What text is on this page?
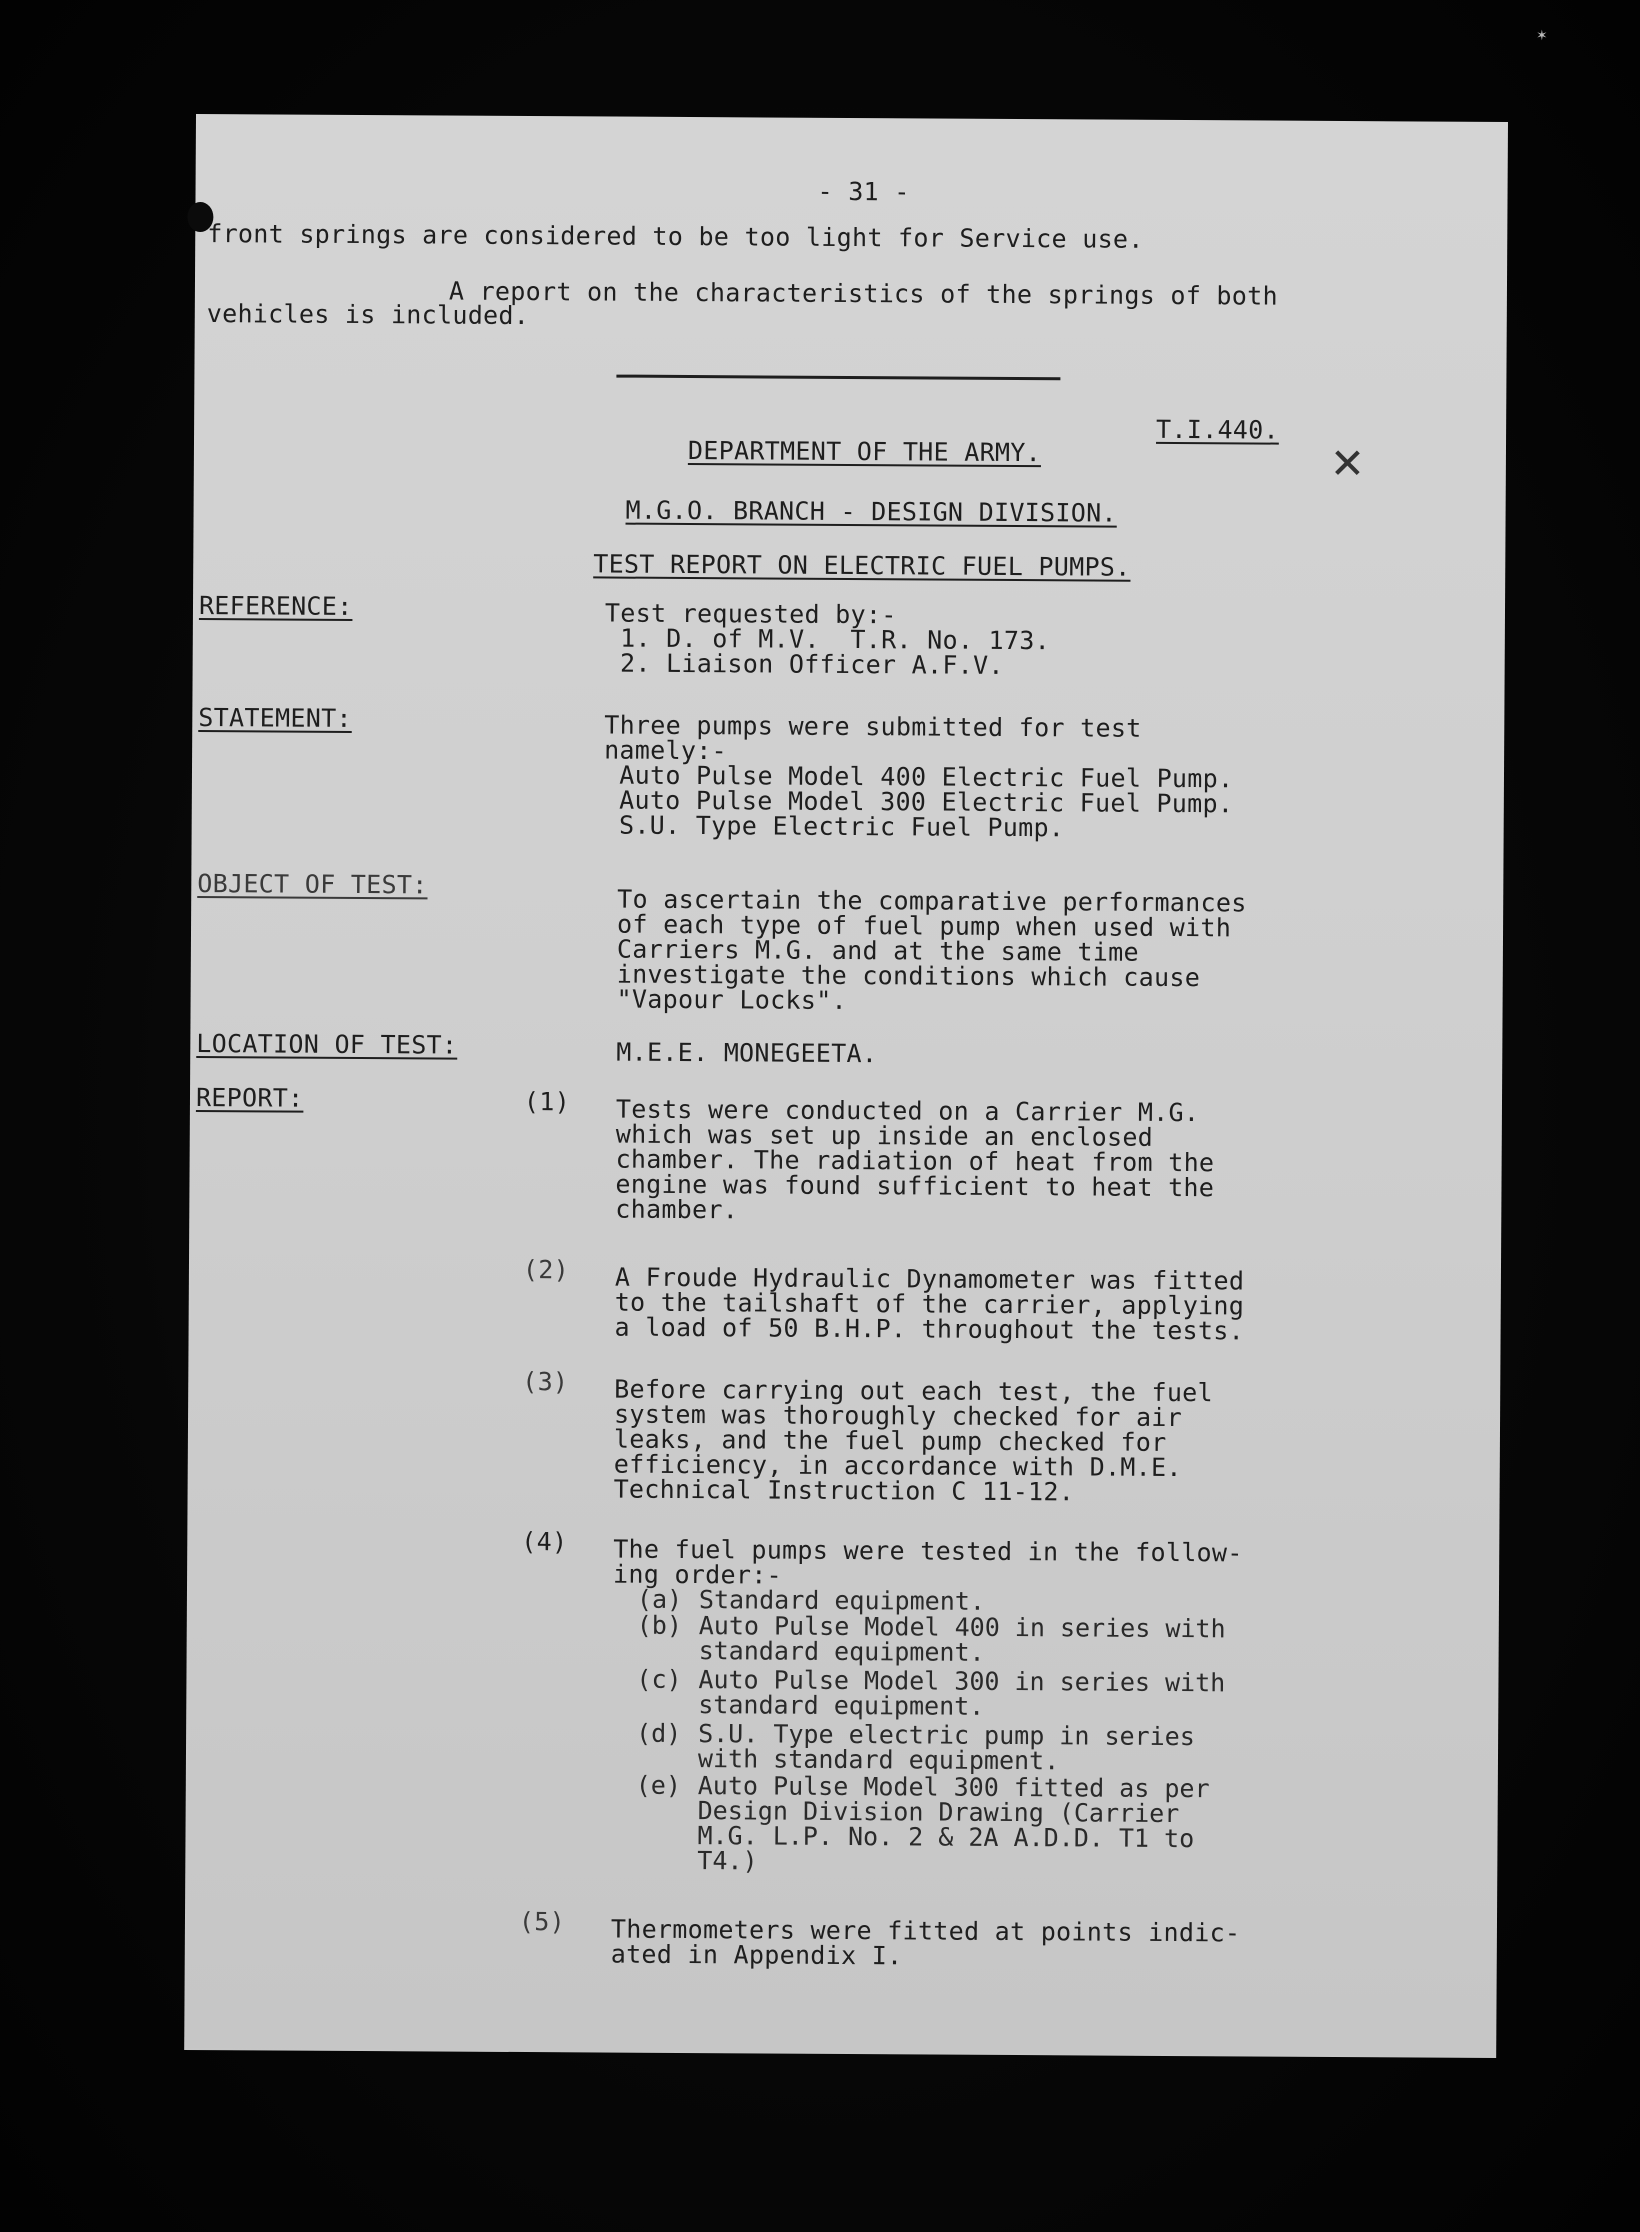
✶
- 31 -
front springs are considered to be too light for Service use.
A report on the characteristics of the springs of both
vehicles is included.
T.I.440.
✕
DEPARTMENT OF THE ARMY.
M.G.O. BRANCH - DESIGN DIVISION.
TEST REPORT ON ELECTRIC FUEL PUMPS.
REFERENCE:	Test requested by:-
1. D. of M.V.  T.R. No. 173.
2. Liaison Officer A.F.V.
STATEMENT:	Three pumps were submitted for test
namely:-
Auto Pulse Model 400 Electric Fuel Pump.
Auto Pulse Model 300 Electric Fuel Pump.
S.U. Type Electric Fuel Pump.
OBJECT OF TEST:
To ascertain the comparative performances
of each type of fuel pump when used with
Carriers M.G. and at the same time
investigate the conditions which cause
"Vapour Locks".
LOCATION OF TEST:	M.E.E. MONEGEETA.
REPORT:	(1) Tests were conducted on a Carrier M.G.
which was set up inside an enclosed
chamber. The radiation of heat from the
engine was found sufficient to heat the
chamber.
(2) A Froude Hydraulic Dynamometer was fitted
to the tailshaft of the carrier, applying
a load of 50 B.H.P. throughout the tests.
(3) Before carrying out each test, the fuel
system was thoroughly checked for air
leaks, and the fuel pump checked for
efficiency, in accordance with D.M.E.
Technical Instruction C 11-12.
(4) The fuel pumps were tested in the follow-
ing order:-
(a) Standard equipment.
(b) Auto Pulse Model 400 in series with
standard equipment.
(c) Auto Pulse Model 300 in series with
standard equipment.
(d) S.U. Type electric pump in series
with standard equipment.
(e) Auto Pulse Model 300 fitted as per
Design Division Drawing (Carrier
M.G. L.P. No. 2 & 2A A.D.D. T1 to
T4.)
(5) Thermometers were fitted at points indic-
ated in Appendix I.
